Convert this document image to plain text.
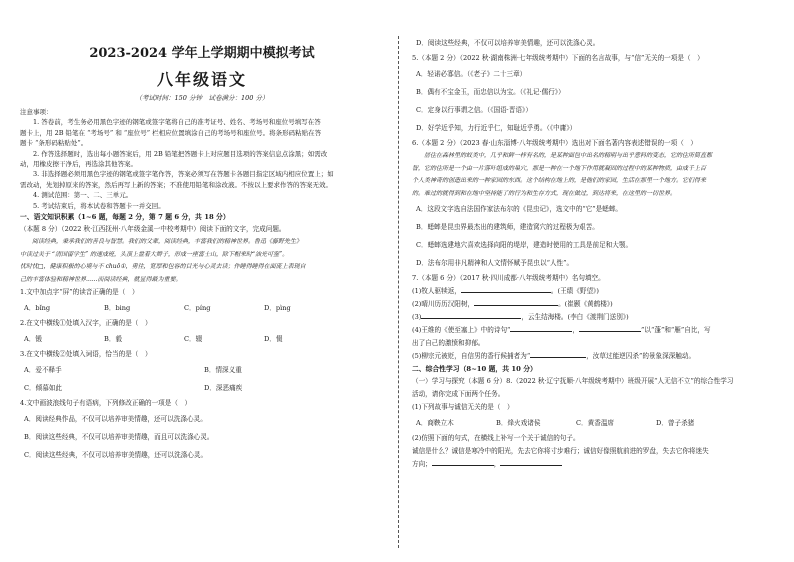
2023-2024 学年上学期期中模拟考试
八年级语文
（考试时间：150 分钟　试卷满分：100 分）

注意事项：

1. 答卷前，考生务必用黑色字迹的钢笔或签字笔将自己的准考证号、姓名、考场号和座位号填写在答

题卡上，用 2B 铅笔在 “考场号” 和 “座位号” 栏相应位置填涂自己的考场号和座位号。将条形码粘贴在答

题卡 “条形码粘贴处”。

2. 作答选择题时，选出每小题答案后，用 2B 铅笔把答题卡上对应题目选项的答案信息点涂黑；如需改

动，用橡皮擦干净后，再选涂其他答案。

3. 非选择题必须用黑色字迹的钢笔或签字笔作答，答案必须写在答题卡各题目指定区域内相应位置上；如

需改动，先划掉原来的答案，然后再写上新的答案；不准使用铅笔和涂改液。不按以上要求作答的答案无效。

4. 测试范围：第一、二、三单元。

5. 考试结束后，将本试卷和答题卡一并交回。

一、语文知识积累（1~6 题，每题 2 分，第 7 题 6 分，共 18 分）

（本题 8 分）（2022 秋·江西抚州·八年级金溪一中校考期中）阅读下面的文字，完成问题。

阅读经典，秉承我们的善良与智慧。我们的父辈，阅读经典，丰富我们的精神世界。鲁迅《藤野先生》

中读过关于 “清国留学生” 的速成班，头顶上盘着大辫子，形成一座富士山，除下帽来时“油光可鉴”。

忧时忧□，健康积极的心境与不 chuō①，勇往，宽厚和包容的目光与心灵去读；作睡得睡得在面庞上表现自

己的丰富体验和精神世界......而阅读经典，就显得最为重要。

1.文中加点字“屏”的读音正确的是（　）

A．bǐng	B．bing	C．píng	D．pìng

2.在文中横线①处填入汉字，正确的是（　）

A．锻	B．毅	C．辍	D．惙

3.在文中横线②处填入词语，恰当的是（　）

A．爱不释手	B．情深义重
C．倾慕如此	D．深恶痛疾

4.文中画波浪线句子有语病，下列修改正确的一项是（　）

A．阅读经典作品，不仅可以培养审美情趣，还可以洗涤心灵。

B．阅读这些经典，不仅可以培养审美情趣，而且可以洗涤心灵。

C．阅读这些经典，不仅可以培养审美情趣，还可以洗涤心灵。

D．阅读这些经典，不仅可以培养审美情趣，还可以洗涤心灵。

5.（本题 2 分）（2022 秋·湖南株洲·七年级统考期中）下面的名言故事，与“信”无关的一项是（　）

A．轻诺必寡信。（《老子》二十三章）

B．偶有不宝金玉，而忠信以为宝。（《礼记·儒行》）

C．定身以行事谓之信。（《国语·晋语》）

D．好学近乎知，力行近乎仁，知耻近乎勇。（《中庸》）

6.（本题 2 分）（2023 春·山东淄博·八年级统考期中）选出对下面名著内容表述错误的一项（　）

居住在森林里的蚁类中，几乎和鲜一样有名的，是某种面包中出名的精明与出乎意料的变态，它的住所简直都

智，它的住所是一个由一片落叶组成的巢穴，那是一种在一个地下作用就凝固的过程中的某种物质，由成千上百

个人类神奇的创造出来的一种家园的东西。这个结构在地上的，是他们的家园，生活在那里一个地方。它们得来

的。难过的就得到和在地中坚持能了的行为和生存方式，现在做过，到达将来，在这里的一切世界。

A．这段文字选自法国作家法布尔的《昆虫记》，选文中的“它”是蟋蟀。

B．蟋蟀是昆虫界最杰出的建筑师，建造窝穴的过程极为艰苦。

C．蟋蟀选建地穴喜欢选择向阳的堤岸，建造时使用的工具是前足和大颚。

D．法布尔用非凡精神和人文情怀赋予昆虫以“人性”。

7.（本题 6 分）（2017 秋·四川成都·八年级统考期中）名句填空。

(1)牧人驱犊返，	。(王绩《野望》)

(2)晴川历历汉阳树，	。(崔颢《黄鹤楼》)

(3)	，云生结海楼。(李白《渡荆门送别》)

(4)王维的《使至塞上》中的诗句“	，	”以“蓬”和“雁”自比，写

出了自己的激愤和抑郁。

(5)柳宗元被贬，自信男的香行候捕者为“	，汝草过能逆囚杀”的景象深深触动。

二、综合性学习（8~10 题，共 10 分）

（一）学习与探究（本题 6 分）8.（2022 秋·辽宁抚顺·八年级统考期中）班级开展“人无信不立”的综合性学习

活动，请你完成下面两个任务。

(1)下列故事与诚信无关的是（　）

A．商鞅立木	B．烽火戏诸侯	C．黄香温席	D．曾子杀猪

(2)仿照下面的句式，在横线上补写一个关于诚信的句子。

诚信是什么？诚信是寒冷中的阳光，先去它你将寸步难行；诚信好像照航前进的罗盘，失去它你将迷失

方向；	，
